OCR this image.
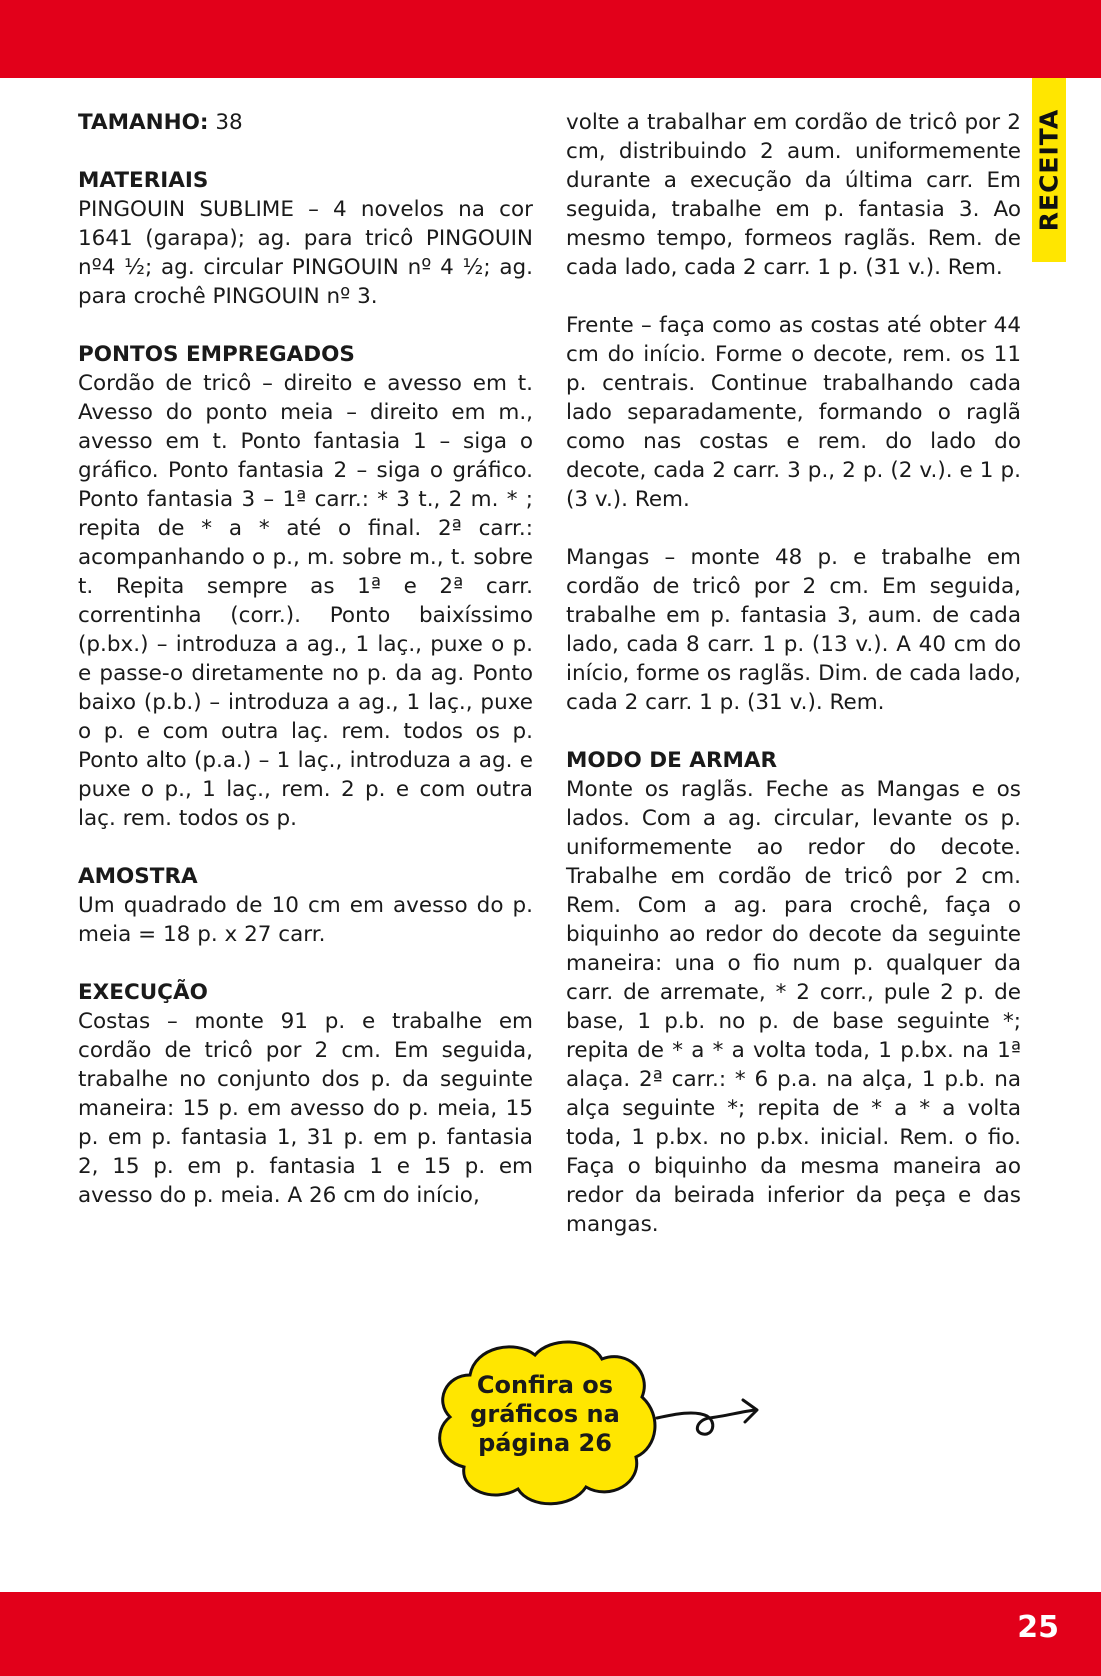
RECEITA

TAMANHO: 38

MATERIAIS
PINGOUIN SUBLIME – 4 novelos na cor 1641 (garapa); ag. para tricô PINGOUIN nº4 ½; ag. circular PINGOUIN nº 4 ½; ag. para crochê PINGOUIN nº 3.

PONTOS EMPREGADOS
Cordão de tricô – direito e avesso em t. Avesso do ponto meia – direito em m., avesso em t. Ponto fantasia 1 – siga o gráfico. Ponto fantasia 2 – siga o gráfico. Ponto fantasia 3 – 1ª carr.: * 3 t., 2 m. * ; repita de * a * até o final. 2ª carr.: acompanhando o p., m. sobre m., t. sobre t. Repita sempre as 1ª e 2ª carr. correntinha (corr.). Ponto baixíssimo (p.bx.) – introduza a ag., 1 laç., puxe o p. e passe-o diretamente no p. da ag. Ponto baixo (p.b.) – introduza a ag., 1 laç., puxe o p. e com outra laç. rem. todos os p. Ponto alto (p.a.) – 1 laç., introduza a ag. e puxe o p., 1 laç., rem. 2 p. e com outra laç. rem. todos os p.

AMOSTRA
Um quadrado de 10 cm em avesso do p. meia = 18 p. x 27 carr.

EXECUÇÃO
Costas – monte 91 p. e trabalhe em cordão de tricô por 2 cm. Em seguida, trabalhe no conjunto dos p. da seguinte maneira: 15 p. em avesso do p. meia, 15 p. em p. fantasia 1, 31 p. em p. fantasia 2, 15 p. em p. fantasia 1 e 15 p. em avesso do p. meia. A 26 cm do início,

volte a trabalhar em cordão de tricô por 2 cm, distribuindo 2 aum. uniformemente durante a execução da última carr. Em seguida, trabalhe em p. fantasia 3. Ao mesmo tempo, formeos raglãs. Rem. de cada lado, cada 2 carr. 1 p. (31 v.). Rem.

Frente – faça como as costas até obter 44 cm do início. Forme o decote, rem. os 11 p. centrais. Continue trabalhando cada lado separadamente, formando o raglã como nas costas e rem. do lado do decote, cada 2 carr. 3 p., 2 p. (2 v.). e 1 p. (3 v.). Rem.

Mangas – monte 48 p. e trabalhe em cordão de tricô por 2 cm. Em seguida, trabalhe em p. fantasia 3, aum. de cada lado, cada 8 carr. 1 p. (13 v.). A 40 cm do início, forme os raglãs. Dim. de cada lado, cada 2 carr. 1 p. (31 v.). Rem.

MODO DE ARMAR
Monte os raglãs. Feche as Mangas e os lados. Com a ag. circular, levante os p. uniformemente ao redor do decote. Trabalhe em cordão de tricô por 2 cm. Rem. Com a ag. para crochê, faça o biquinho ao redor do decote da seguinte maneira: una o fio num p. qualquer da carr. de arremate, * 2 corr., pule 2 p. de base, 1 p.b. no p. de base seguinte *; repita de * a * a volta toda, 1 p.bx. na 1ª alaça. 2ª carr.: * 6 p.a. na alça, 1 p.b. na alça seguinte *; repita de * a * a volta toda, 1 p.bx. no p.bx. inicial. Rem. o fio. Faça o biquinho da mesma maneira ao redor da beirada inferior da peça e das mangas.

Confira os
gráficos na
página 26
25
